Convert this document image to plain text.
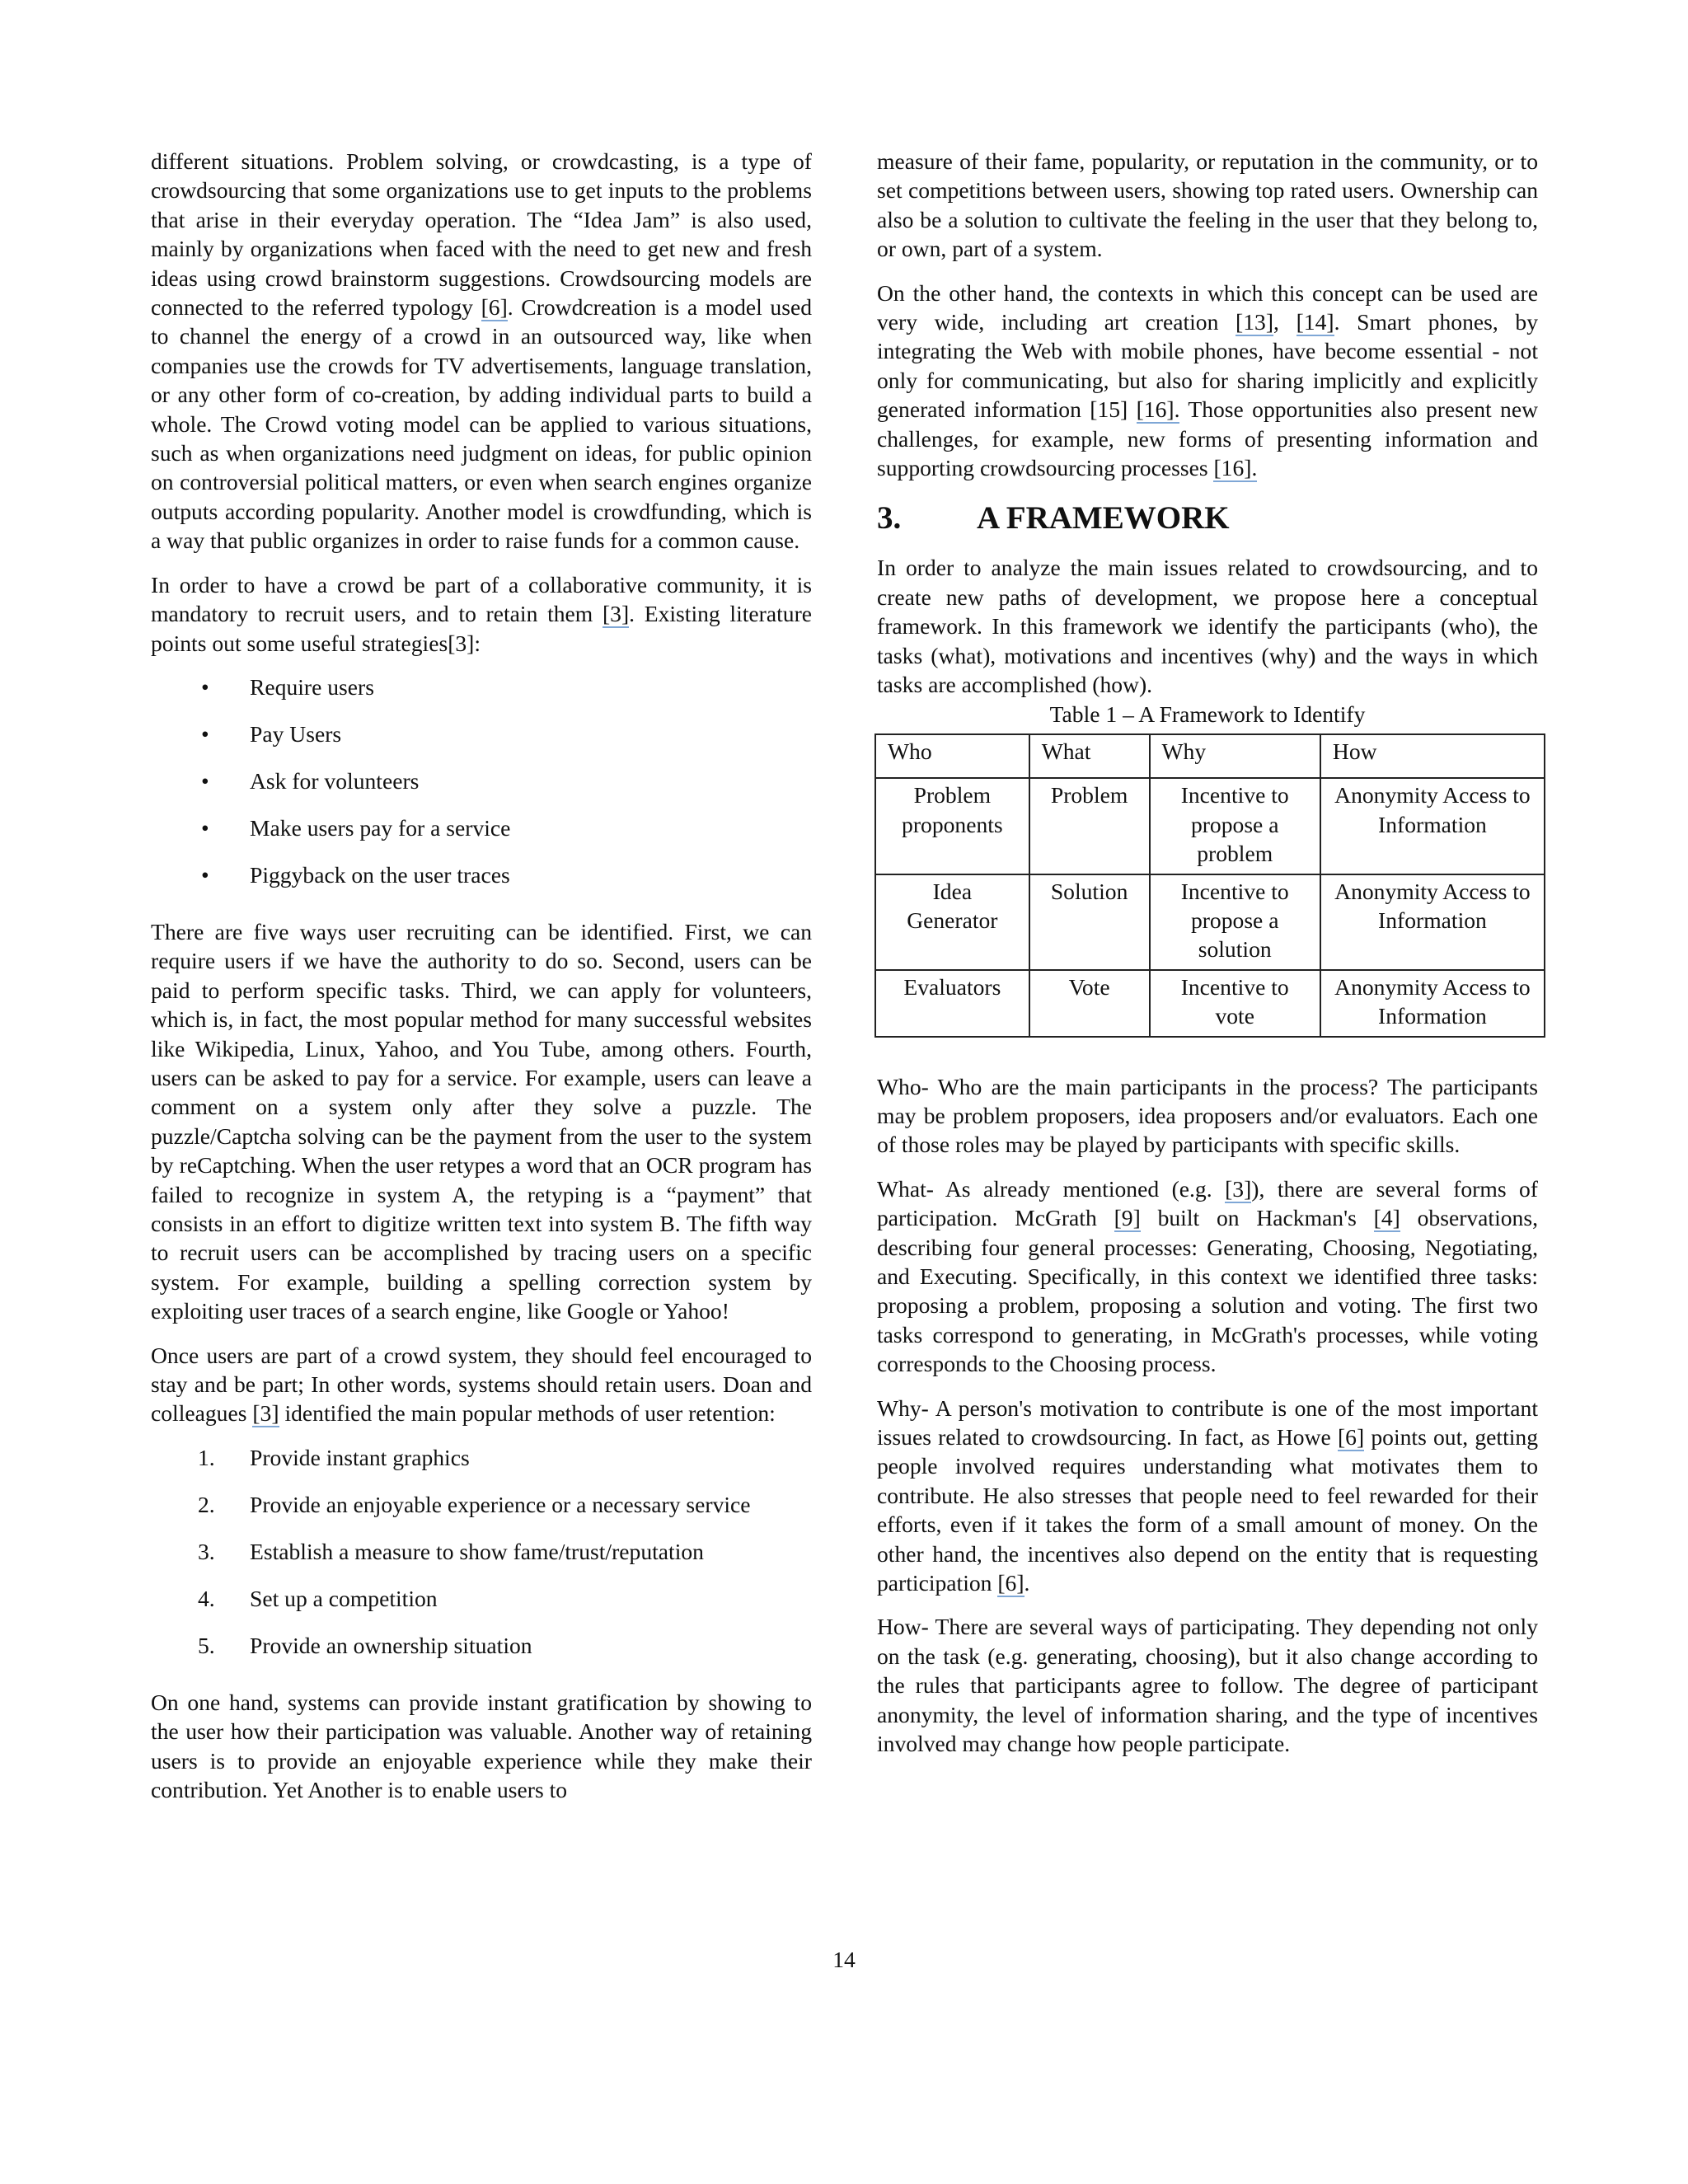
different situations. Problem solving, or crowdcasting, is a type of crowdsourcing that some organizations use to get inputs to the problems that arise in their everyday operation. The “Idea Jam” is also used, mainly by organizations when faced with the need to get new and fresh ideas using crowd brainstorm suggestions. Crowdsourcing models are connected to the referred typology [6]. Crowdcreation is a model used to channel the energy of a crowd in an outsourced way, like when companies use the crowds for TV advertisements, language translation, or any other form of co-creation, by adding individual parts to build a whole. The Crowd voting model can be applied to various situations, such as when organizations need judgment on ideas, for public opinion on controversial political matters, or even when search engines organize outputs according popularity. Another model is crowdfunding, which is a way that public organizes in order to raise funds for a common cause.

In order to have a crowd be part of a collaborative community, it is mandatory to recruit users, and to retain them [3]. Existing literature points out some useful strategies[3]:

• Require users
• Pay Users
• Ask for volunteers
• Make users pay for a service
• Piggyback on the user traces

There are five ways user recruiting can be identified. First, we can require users if we have the authority to do so. Second, users can be paid to perform specific tasks. Third, we can apply for volunteers, which is, in fact, the most popular method for many successful websites like Wikipedia, Linux, Yahoo, and You Tube, among others. Fourth, users can be asked to pay for a service. For example, users can leave a comment on a system only after they solve a puzzle. The puzzle/Captcha solving can be the payment from the user to the system by reCaptching. When the user retypes a word that an OCR program has failed to recognize in system A, the retyping is a “payment” that consists in an effort to digitize written text into system B. The fifth way to recruit users can be accomplished by tracing users on a specific system. For example, building a spelling correction system by exploiting user traces of a search engine, like Google or Yahoo!

Once users are part of a crowd system, they should feel encouraged to stay and be part; In other words, systems should retain users. Doan and colleagues [3] identified the main popular methods of user retention:

1. Provide instant graphics
2. Provide an enjoyable experience or a necessary service
3. Establish a measure to show fame/trust/reputation
4. Set up a competition
5. Provide an ownership situation

On one hand, systems can provide instant gratification by showing to the user how their participation was valuable. Another way of retaining users is to provide an enjoyable experience while they make their contribution. Yet Another is to enable users to

measure of their fame, popularity, or reputation in the community, or to set competitions between users, showing top rated users. Ownership can also be a solution to cultivate the feeling in the user that they belong to, or own, part of a system.

On the other hand, the contexts in which this concept can be used are very wide, including art creation [13], [14]. Smart phones, by integrating the Web with mobile phones, have become essential - not only for communicating, but also for sharing implicitly and explicitly generated information [15] [16]. Those opportunities also present new challenges, for example, new forms of presenting information and supporting crowdsourcing processes [16].

3. A FRAMEWORK

In order to analyze the main issues related to crowdsourcing, and to create new paths of development, we propose here a conceptual framework. In this framework we identify the participants (who), the tasks (what), motivations and incentives (why) and the ways in which tasks are accomplished (how).

Table 1 – A Framework to Identify
Who	What	Why	How
Problem proponents	Problem	Incentive to propose a problem	Anonymity Access to Information
Idea Generator	Solution	Incentive to propose a solution	Anonymity Access to Information
Evaluators	Vote	Incentive to vote	Anonymity Access to Information

Who- Who are the main participants in the process? The participants may be problem proposers, idea proposers and/or evaluators. Each one of those roles may be played by participants with specific skills.

What- As already mentioned (e.g. [3]), there are several forms of participation. McGrath [9] built on Hackman's [4] observations, describing four general processes: Generating, Choosing, Negotiating, and Executing. Specifically, in this context we identified three tasks: proposing a problem, proposing a solution and voting. The first two tasks correspond to generating, in McGrath's processes, while voting corresponds to the Choosing process.

Why- A person's motivation to contribute is one of the most important issues related to crowdsourcing. In fact, as Howe [6] points out, getting people involved requires understanding what motivates them to contribute. He also stresses that people need to feel rewarded for their efforts, even if it takes the form of a small amount of money. On the other hand, the incentives also depend on the entity that is requesting participation [6].

How- There are several ways of participating. They depending not only on the task (e.g. generating, choosing), but it also change according to the rules that participants agree to follow. The degree of participant anonymity, the level of information sharing, and the type of incentives involved may change how people participate.

14
